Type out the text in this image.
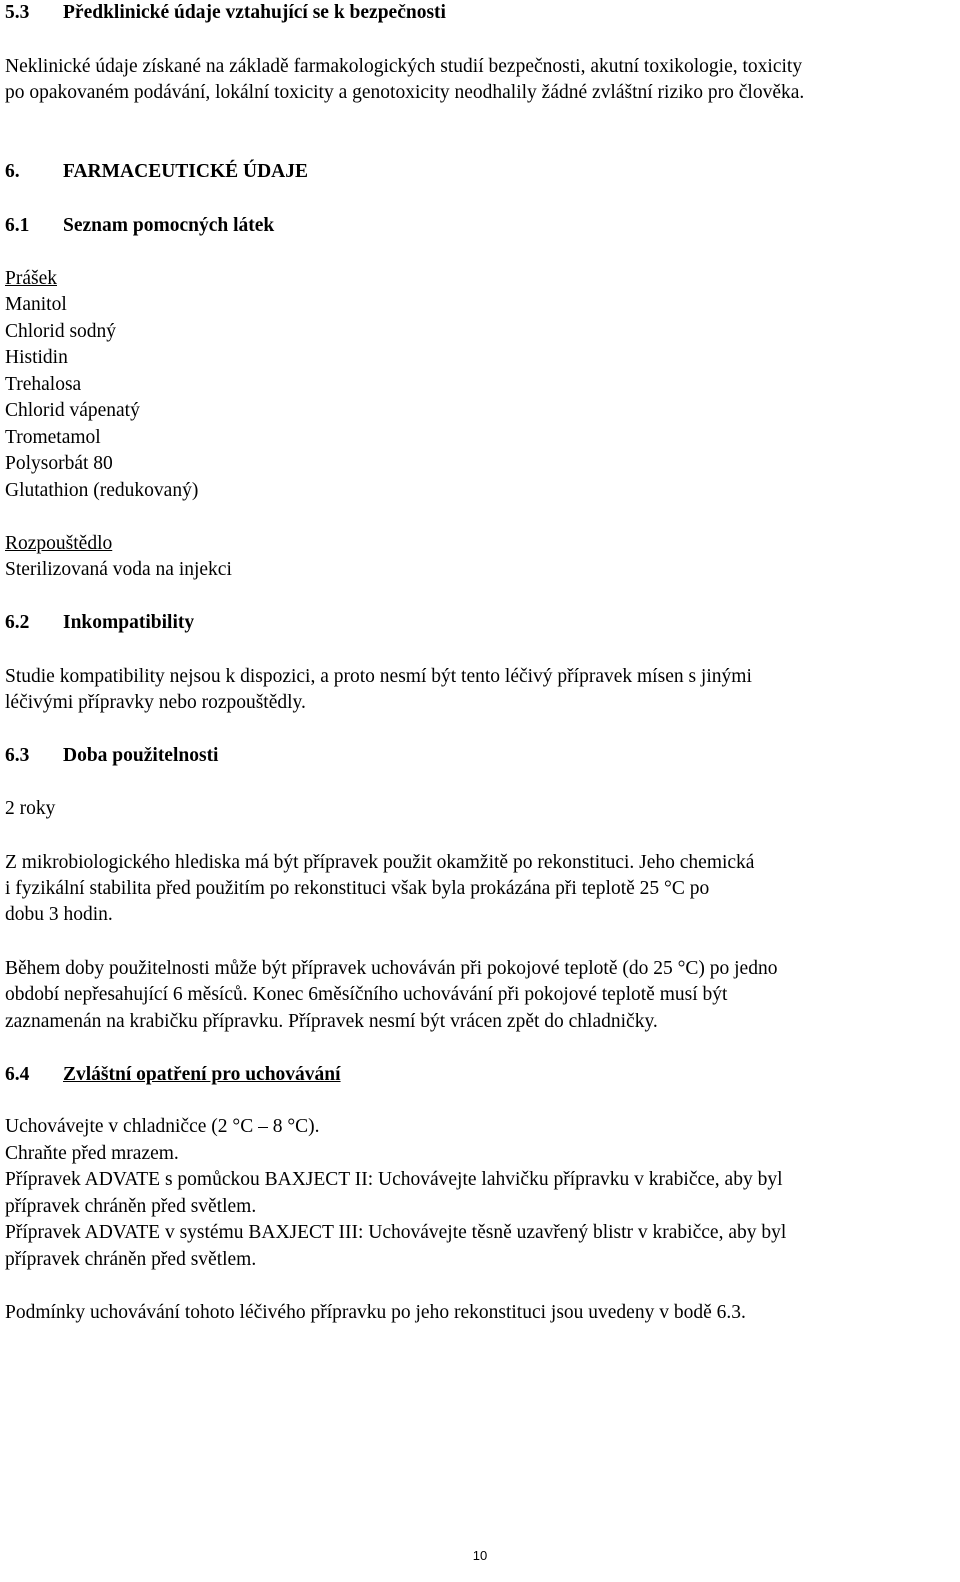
5.3 Předklinické údaje vztahující se k bezpečnosti
Neklinické údaje získané na základě farmakologických studií bezpečnosti, akutní toxikologie, toxicity
po opakovaném podávání, lokální toxicity a genotoxicity neodhalily žádné zvláštní riziko pro člověka.
6. FARMACEUTICKÉ ÚDAJE
6.1 Seznam pomocných látek
Prášek
Manitol
Chlorid sodný
Histidin
Trehalosa
Chlorid vápenatý
Trometamol
Polysorbát 80
Glutathion (redukovaný)
Rozpouštědlo
Sterilizovaná voda na injekci
6.2 Inkompatibility
Studie kompatibility nejsou k dispozici, a proto nesmí být tento léčivý přípravek mísen s jinými
léčivými přípravky nebo rozpouštědly.
6.3 Doba použitelnosti
2 roky
Z mikrobiologického hlediska má být přípravek použit okamžitě po rekonstituci. Jeho chemická
i fyzikální stabilita před použitím po rekonstituci však byla prokázána při teplotě 25 °C po
dobu 3 hodin.
Během doby použitelnosti může být přípravek uchováván při pokojové teplotě (do 25 °C) po jedno
období nepřesahující 6 měsíců. Konec 6měsíčního uchovávání při pokojové teplotě musí být
zaznamenán na krabičku přípravku. Přípravek nesmí být vrácen zpět do chladničky.
6.4 Zvláštní opatření pro uchovávání
Uchovávejte v chladničce (2 °C – 8 °C).
Chraňte před mrazem.
Přípravek ADVATE s pomůckou BAXJECT II: Uchovávejte lahvičku přípravku v krabičce, aby byl
přípravek chráněn před světlem.
Přípravek ADVATE v systému BAXJECT III: Uchovávejte těsně uzavřený blistr v krabičce, aby byl
přípravek chráněn před světlem.
Podmínky uchovávání tohoto léčivého přípravku po jeho rekonstituci jsou uvedeny v bodě 6.3.
10
